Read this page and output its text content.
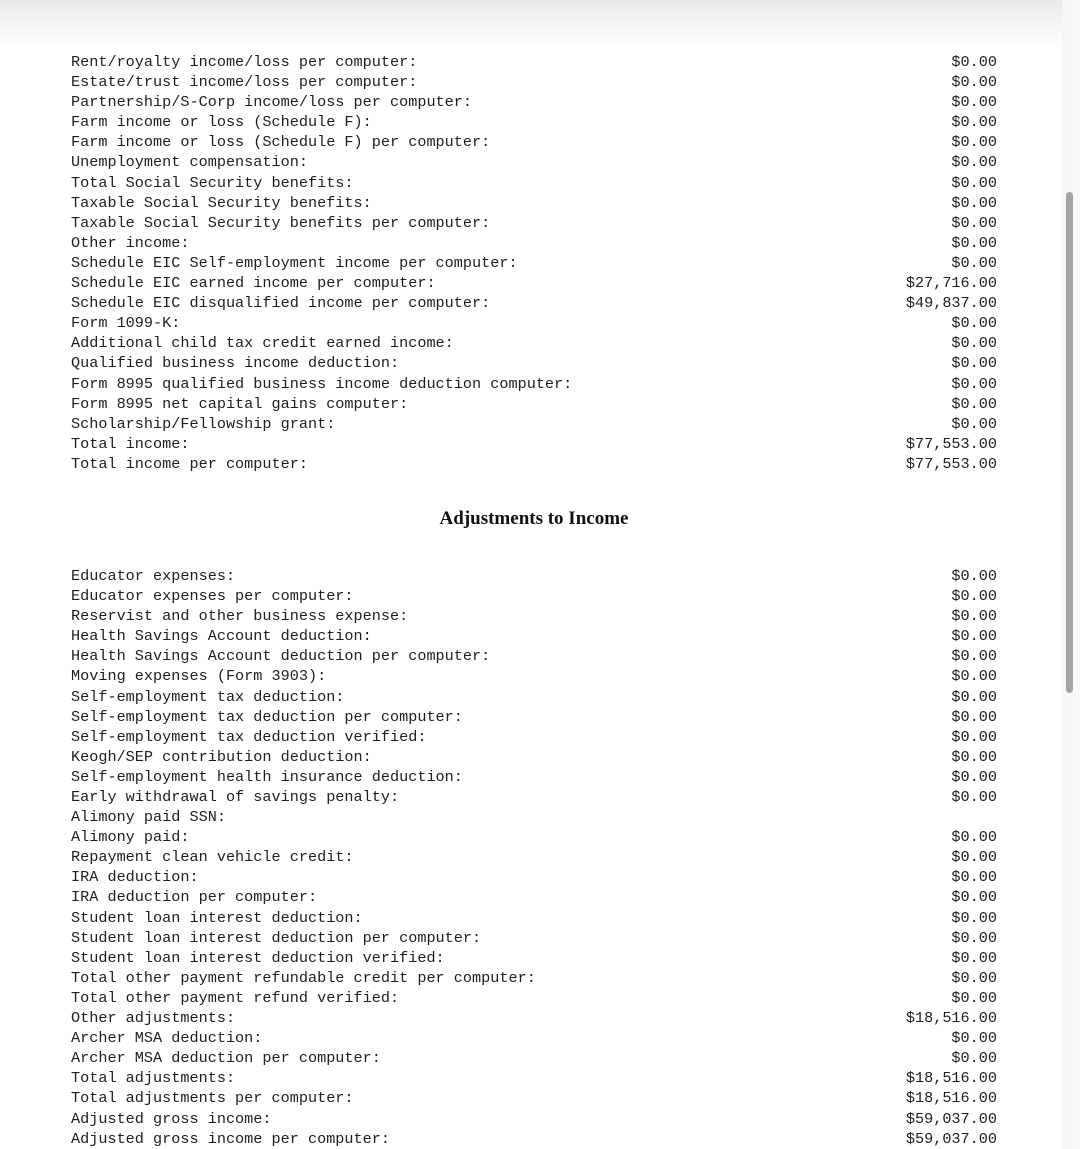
Rent/royalty income/loss per computer:	$0.00
Estate/trust income/loss per computer:	$0.00
Partnership/S-Corp income/loss per computer:	$0.00
Farm income or loss (Schedule F):	$0.00
Farm income or loss (Schedule F) per computer:	$0.00
Unemployment compensation:	$0.00
Total Social Security benefits:	$0.00
Taxable Social Security benefits:	$0.00
Taxable Social Security benefits per computer:	$0.00
Other income:	$0.00
Schedule EIC Self-employment income per computer:	$0.00
Schedule EIC earned income per computer:	$27,716.00
Schedule EIC disqualified income per computer:	$49,837.00
Form 1099-K:	$0.00
Additional child tax credit earned income:	$0.00
Qualified business income deduction:	$0.00
Form 8995 qualified business income deduction computer:	$0.00
Form 8995 net capital gains computer:	$0.00
Scholarship/Fellowship grant:	$0.00
Total income:	$77,553.00
Total income per computer:	$77,553.00
Adjustments to Income
Educator expenses:	$0.00
Educator expenses per computer:	$0.00
Reservist and other business expense:	$0.00
Health Savings Account deduction:	$0.00
Health Savings Account deduction per computer:	$0.00
Moving expenses (Form 3903):	$0.00
Self-employment tax deduction:	$0.00
Self-employment tax deduction per computer:	$0.00
Self-employment tax deduction verified:	$0.00
Keogh/SEP contribution deduction:	$0.00
Self-employment health insurance deduction:	$0.00
Early withdrawal of savings penalty:	$0.00
Alimony paid SSN:
Alimony paid:	$0.00
Repayment clean vehicle credit:	$0.00
IRA deduction:	$0.00
IRA deduction per computer:	$0.00
Student loan interest deduction:	$0.00
Student loan interest deduction per computer:	$0.00
Student loan interest deduction verified:	$0.00
Total other payment refundable credit per computer:	$0.00
Total other payment refund verified:	$0.00
Other adjustments:	$18,516.00
Archer MSA deduction:	$0.00
Archer MSA deduction per computer:	$0.00
Total adjustments:	$18,516.00
Total adjustments per computer:	$18,516.00
Adjusted gross income:	$59,037.00
Adjusted gross income per computer:	$59,037.00
